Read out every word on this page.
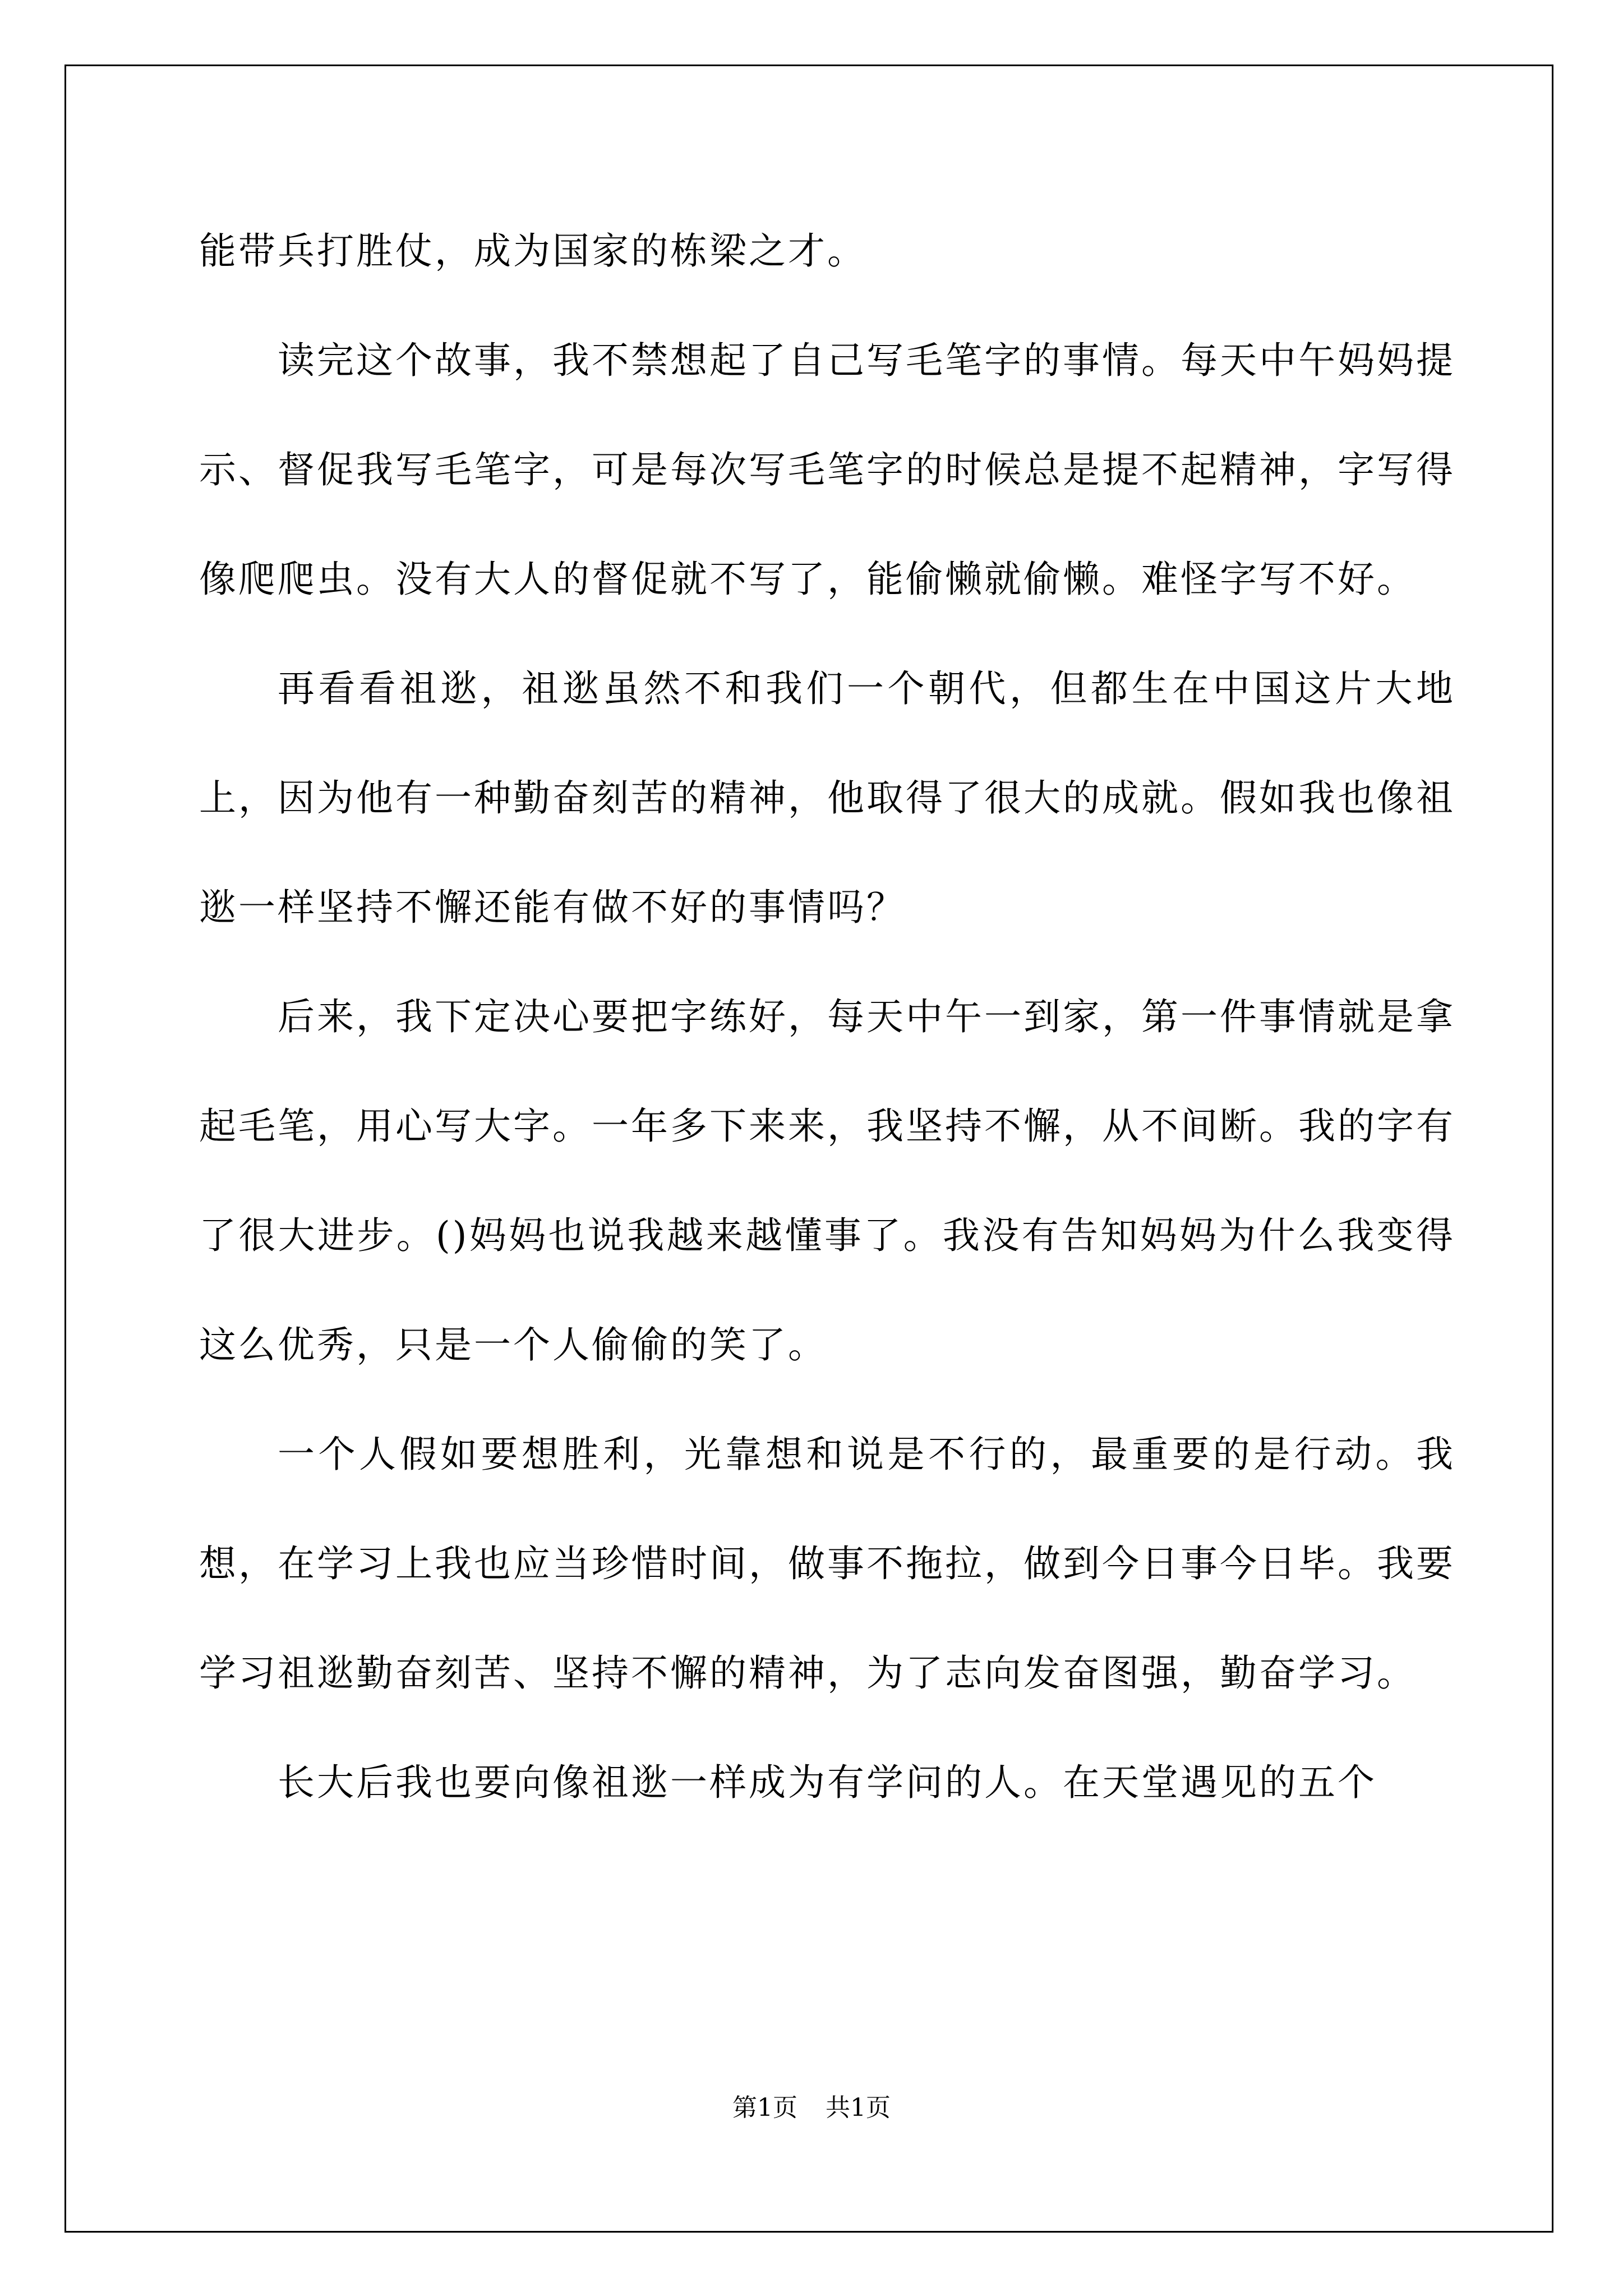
能带兵打胜仗，成为国家的栋梁之才。

读完这个故事，我不禁想起了自己写毛笔字的事情。每天中午妈妈提示、督促我写毛笔字，可是每次写毛笔字的时候总是提不起精神，字写得像爬爬虫。没有大人的督促就不写了，能偷懒就偷懒。难怪字写不好。

再看看祖逖，祖逖虽然不和我们一个朝代，但都生在中国这片大地上，因为他有一种勤奋刻苦的精神，他取得了很大的成就。假如我也像祖逖一样坚持不懈还能有做不好的事情吗？

后来，我下定决心要把字练好，每天中午一到家，第一件事情就是拿起毛笔，用心写大字。一年多下来来，我坚持不懈，从不间断。我的字有了很大进步。()妈妈也说我越来越懂事了。我没有告知妈妈为什么我变得这么优秀，只是一个人偷偷的笑了。

一个人假如要想胜利，光靠想和说是不行的，最重要的是行动。我想，在学习上我也应当珍惜时间，做事不拖拉，做到今日事今日毕。我要学习祖逖勤奋刻苦、坚持不懈的精神，为了志向发奋图强，勤奋学习。

长大后我也要向像祖逖一样成为有学问的人。在天堂遇见的五个

第1页 共1页
